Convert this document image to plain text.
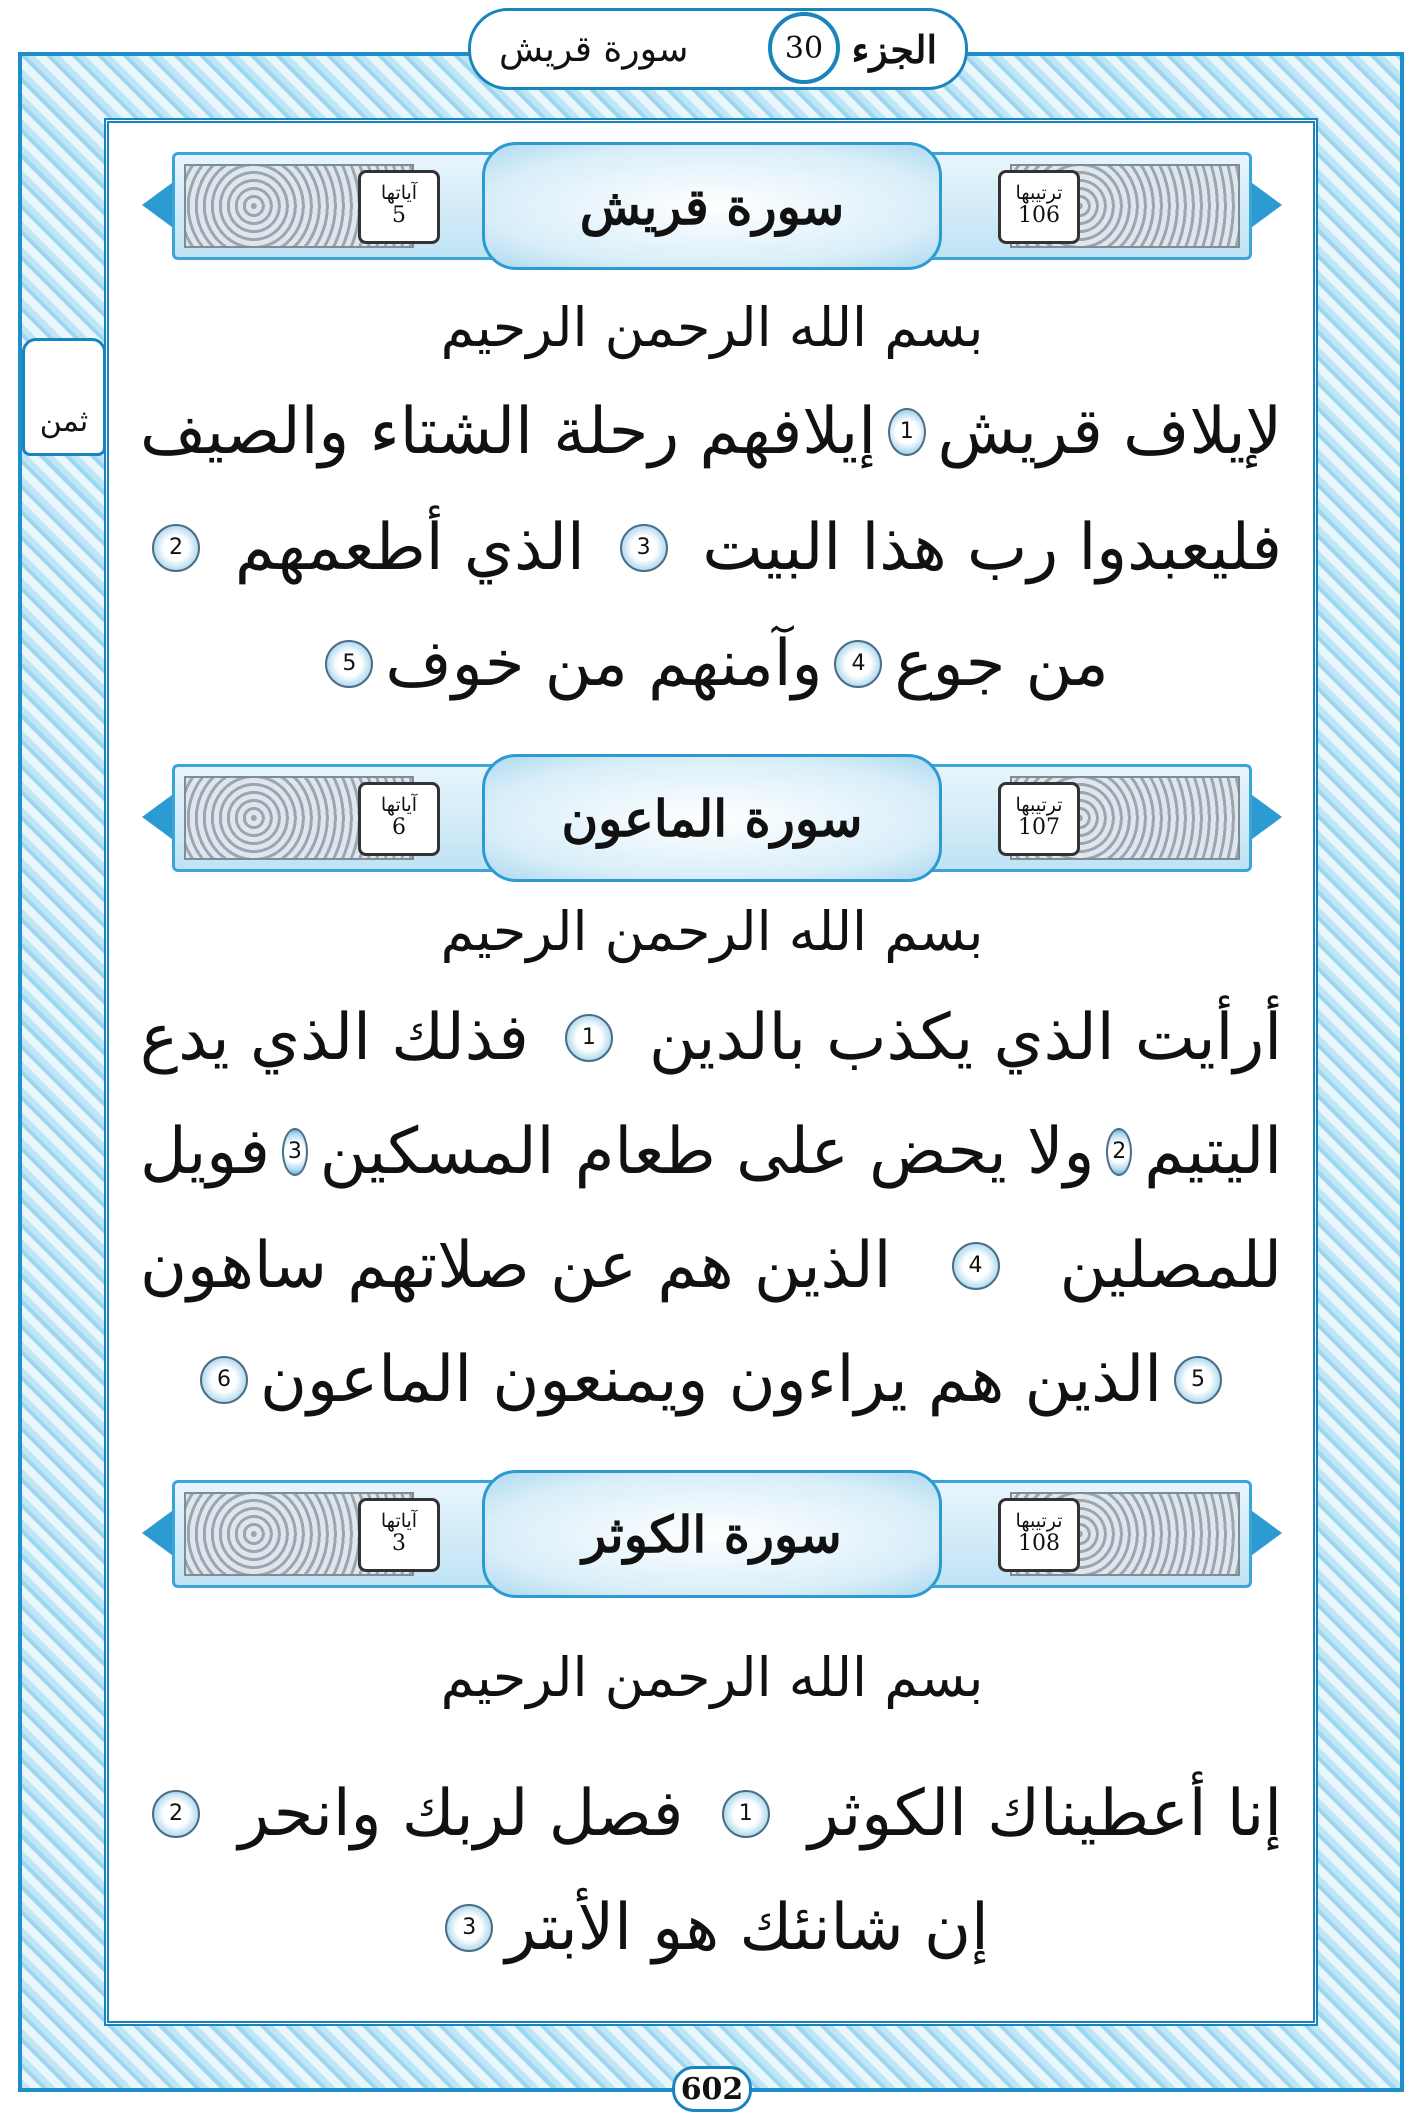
سورة قريش	الجزء
30
ثمن
آياتها
5	سورة قريش	ترتيبها
106
بسم الله الرحمن الرحيم
لإيلاف قريش
1
إيلافهم رحلة الشتاء والصيف
فليعبدوا رب هذا البيت
3
الذي أطعمهم
2
من جوع
4
وآمنهم من خوف
5
آياتها
6	سورة الماعون	ترتيبها
107
بسم الله الرحمن الرحيم
أرأيت الذي يكذب بالدين
1
فذلك الذي يدع
اليتيم
2
ولا يحض على طعام المسكين
3
فويل
للمصلين
4
الذين هم عن صلاتهم ساهون
5
الذين هم يراءون ويمنعون الماعون
6
آياتها
3	سورة الكوثر	ترتيبها
108
بسم الله الرحمن الرحيم
إنا أعطيناك الكوثر
1
فصل لربك وانحر
2
إن شانئك هو الأبتر
3
602
